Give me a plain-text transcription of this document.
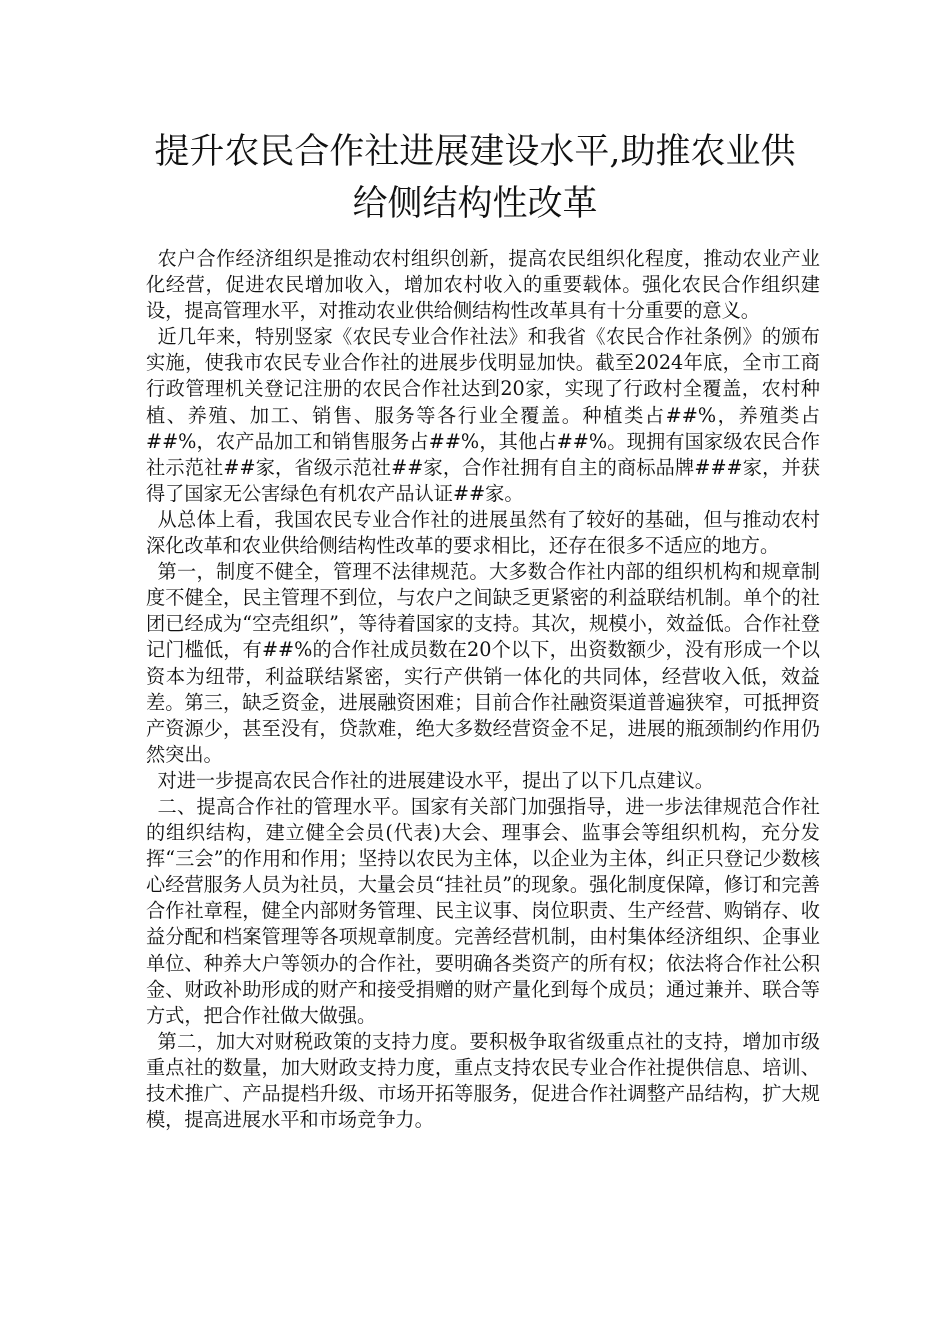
提升农民合作社进展建设水平,助推农业供
给侧结构性改革

农户合作经济组织是推动农村组织创新，提高农民组织化程度，推动农业产业化经营，促进农民增加收入，增加农村收入的重要载体。强化农民合作组织建设，提高管理水平，对推动农业供给侧结构性改革具有十分重要的意义。

近几年来，特别竖家《农民专业合作社法》和我省《农民合作社条例》的颁布实施，使我市农民专业合作社的进展步伐明显加快。截至2024年底，全市工商行政管理机关登记注册的农民合作社达到20家，实现了行政村全覆盖，农村种植、养殖、加工、销售、服务等各行业全覆盖。种植类占##%，养殖类占##%，农产品加工和销售服务占##%，其他占##%。现拥有国家级农民合作社示范社##家，省级示范社##家，合作社拥有自主的商标品牌###家，并获得了国家无公害绿色有机农产品认证##家。

从总体上看，我国农民专业合作社的进展虽然有了较好的基础，但与推动农村深化改革和农业供给侧结构性改革的要求相比，还存在很多不适应的地方。

第一，制度不健全，管理不法律规范。大多数合作社内部的组织机构和规章制度不健全，民主管理不到位，与农户之间缺乏更紧密的利益联结机制。单个的社团已经成为“空壳组织”，等待着国家的支持。其次，规模小，效益低。合作社登记门槛低，有##%的合作社成员数在20个以下，出资数额少，没有形成一个以资本为纽带，利益联结紧密，实行产供销一体化的共同体，经营收入低，效益差。第三，缺乏资金，进展融资困难；目前合作社融资渠道普遍狭窄，可抵押资产资源少，甚至没有，贷款难，绝大多数经营资金不足，进展的瓶颈制约作用仍然突出。

对进一步提高农民合作社的进展建设水平，提出了以下几点建议。

二、提高合作社的管理水平。国家有关部门加强指导，进一步法律规范合作社的组织结构，建立健全会员(代表)大会、理事会、监事会等组织机构，充分发挥“三会”的作用和作用；坚持以农民为主体，以企业为主体，纠正只登记少数核心经营服务人员为社员，大量会员“挂社员”的现象。强化制度保障，修订和完善合作社章程，健全内部财务管理、民主议事、岗位职责、生产经营、购销存、收益分配和档案管理等各项规章制度。完善经营机制，由村集体经济组织、企事业单位、种养大户等领办的合作社，要明确各类资产的所有权；依法将合作社公积金、财政补助形成的财产和接受捐赠的财产量化到每个成员；通过兼并、联合等方式，把合作社做大做强。

第二，加大对财税政策的支持力度。要积极争取省级重点社的支持，增加市级重点社的数量，加大财政支持力度，重点支持农民专业合作社提供信息、培训、技术推广、产品提档升级、市场开拓等服务，促进合作社调整产品结构，扩大规模，提高进展水平和市场竞争力。
